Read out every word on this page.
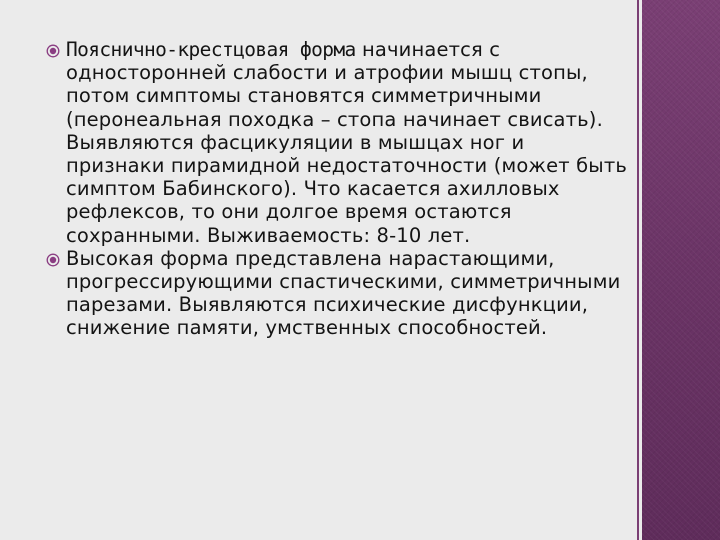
Пояснично-крестцовая форма начинается с односторонней слабости и атрофии мышц стопы, потом симптомы становятся симметричными (перонеальная походка – стопа начинает свисать). Выявляются фасцикуляции в мышцах ног и признаки пирамидной недостаточности (может быть симптом Бабинского). Что касается ахилловых рефлексов, то они долгое время остаются сохранными. Выживаемость: 8-10 лет.

Высокая форма представлена нарастающими, прогрессирующими спастическими, симметричными парезами. Выявляются психические дисфункции, снижение памяти, умственных способностей.
